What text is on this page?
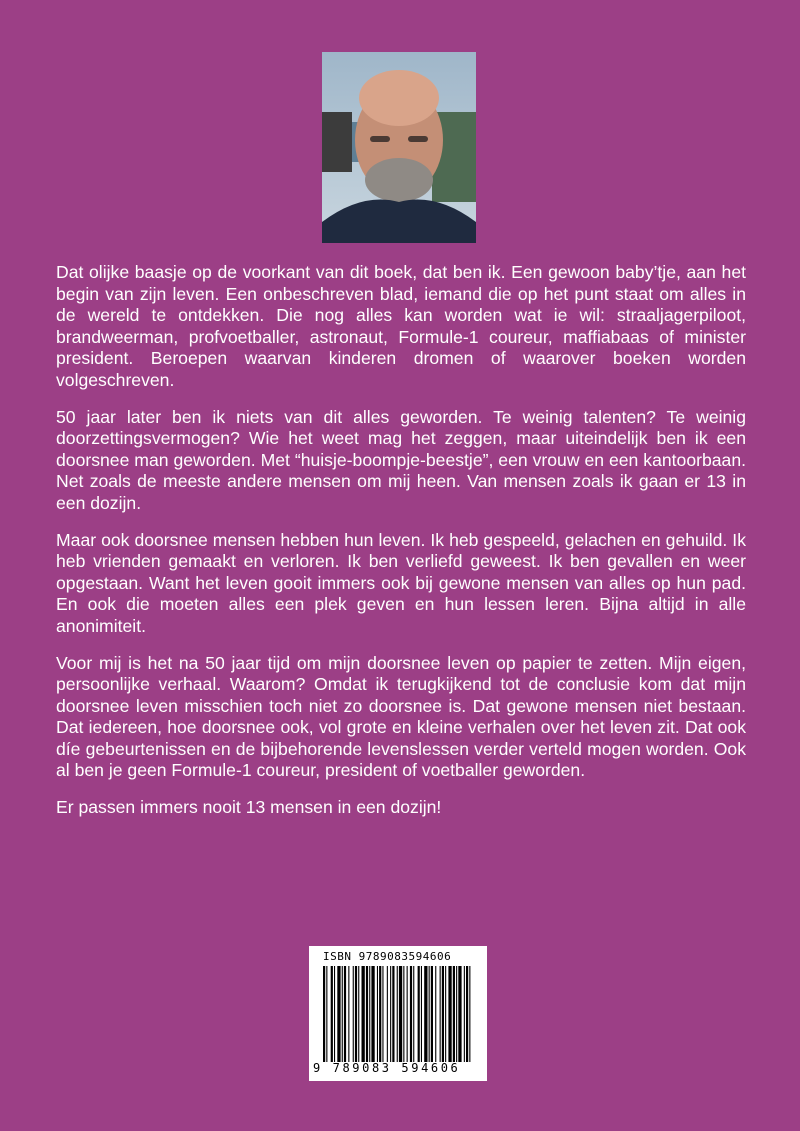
Dat olijke baasje op de voorkant van dit boek, dat ben ik. Een gewoon baby’tje, aan het begin van zijn leven. Een onbeschreven blad, iemand die op het punt staat om alles in de wereld te ontdekken. Die nog alles kan worden wat ie wil: straaljagerpiloot, brandweerman, profvoetballer, astronaut, Formule-1 coureur, maffiabaas of minister president. Beroepen waarvan kinderen dromen of waarover boeken worden volgeschreven.

50 jaar later ben ik niets van dit alles geworden. Te weinig talenten? Te weinig doorzettingsvermogen? Wie het weet mag het zeggen, maar uiteindelijk ben ik een doorsnee man geworden. Met “huisje-boompje-beestje”, een vrouw en een kantoorbaan. Net zoals de meeste andere mensen om mij heen. Van mensen zoals ik gaan er 13 in een dozijn.

Maar ook doorsnee mensen hebben hun leven. Ik heb gespeeld, gelachen en gehuild. Ik heb vrienden gemaakt en verloren. Ik ben verliefd geweest. Ik ben gevallen en weer opgestaan. Want het leven gooit immers ook bij gewone mensen van alles op hun pad. En ook die moeten alles een plek geven en hun lessen leren. Bijna altijd in alle anonimiteit.

Voor mij is het na 50 jaar tijd om mijn doorsnee leven op papier te zetten. Mijn eigen, persoonlijke verhaal. Waarom? Omdat ik terugkijkend tot de conclusie kom dat mijn doorsnee leven misschien toch niet zo doorsnee is. Dat gewone mensen niet bestaan. Dat iedereen, hoe doorsnee ook, vol grote en kleine verhalen over het leven zit. Dat ook díe gebeurtenissen en de bijbehorende levenslessen verder verteld mogen worden. Ook al ben je geen Formule-1 coureur, president of voetballer geworden.

Er passen immers nooit 13 mensen in een dozijn!

ISBN 9789083594606
9 789083 594606
